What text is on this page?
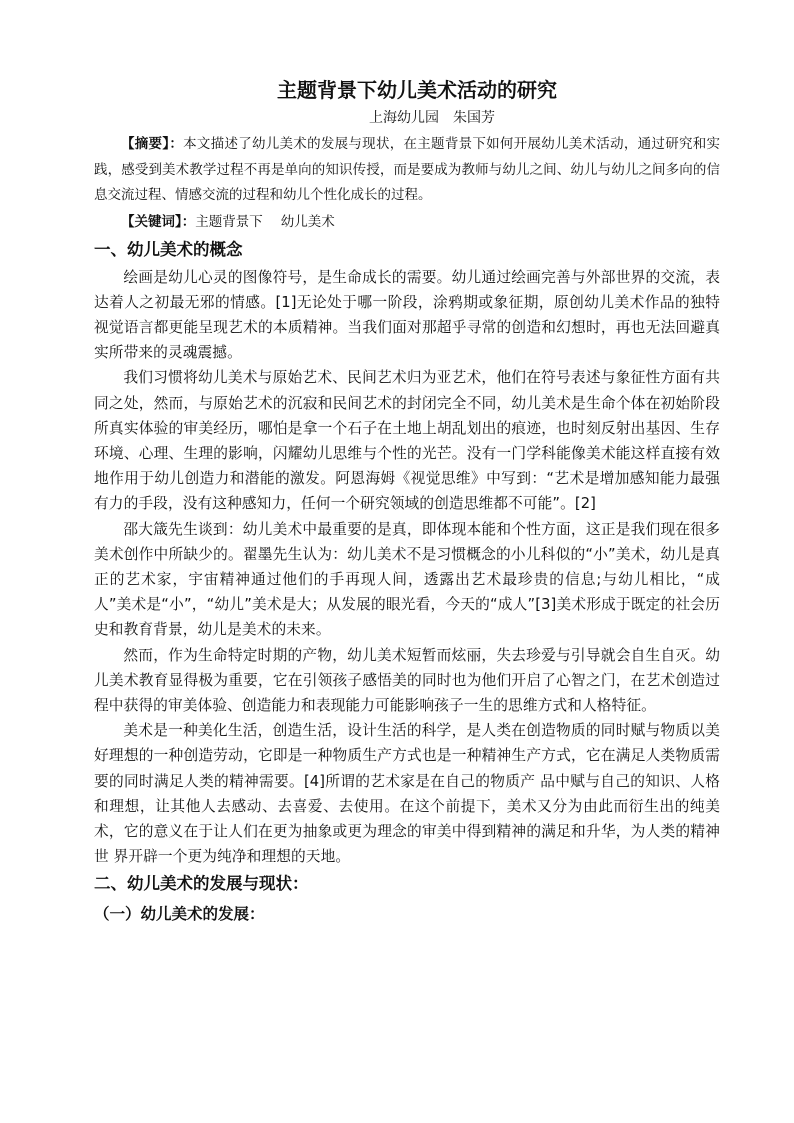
主题背景下幼儿美术活动的研究

上海幼儿园　朱国芳

【摘要】：本文描述了幼儿美术的发展与现状，在主题背景下如何开展幼儿美术活动，通过研究和实践，感受到美术教学过程不再是单向的知识传授，而是要成为教师与幼儿之间、幼儿与幼儿之间多向的信息交流过程、情感交流的过程和幼儿个性化成长的过程。

【关键词】：主题背景下 幼儿美术

一、幼儿美术的概念

绘画是幼儿心灵的图像符号，是生命成长的需要。幼儿通过绘画完善与外部世界的交流，表达着人之初最无邪的情感。[1]无论处于哪一阶段，涂鸦期或象征期，原创幼儿美术作品的独特视觉语言都更能呈现艺术的本质精神。当我们面对那超乎寻常的创造和幻想时，再也无法回避真实所带来的灵魂震撼。

我们习惯将幼儿美术与原始艺术、民间艺术归为亚艺术，他们在符号表述与象征性方面有共同之处，然而，与原始艺术的沉寂和民间艺术的封闭完全不同，幼儿美术是生命个体在初始阶段所真实体验的审美经历，哪怕是拿一个石子在土地上胡乱划出的痕迹，也时刻反射出基因、生存环境、心理、生理的影响，闪耀幼儿思维与个性的光芒。没有一门学科能像美术能这样直接有效地作用于幼儿创造力和潜能的激发。阿恩海姆《视觉思维》中写到：“艺术是增加感知能力最强有力的手段，没有这种感知力，任何一个研究领域的创造思维都不可能”。[2]

邵大箴先生谈到：幼儿美术中最重要的是真，即体现本能和个性方面，这正是我们现在很多美术创作中所缺少的。翟墨先生认为：幼儿美术不是习惯概念的小儿科似的“小”美术，幼儿是真正的艺术家，宇宙精神通过他们的手再现人间，透露出艺术最珍贵的信息;与幼儿相比，“成人”美术是“小”，“幼儿”美术是大；从发展的眼光看，今天的“成人”[3]美术形成于既定的社会历史和教育背景，幼儿是美术的未来。

然而，作为生命特定时期的产物，幼儿美术短暂而炫丽，失去珍爱与引导就会自生自灭。幼儿美术教育显得极为重要，它在引领孩子感悟美的同时也为他们开启了心智之门，在艺术创造过程中获得的审美体验、创造能力和表现能力可能影响孩子一生的思维方式和人格特征。

美术是一种美化生活，创造生活，设计生活的科学，是人类在创造物质的同时赋与物质以美好理想的一种创造劳动，它即是一种物质生产方式也是一种精神生产方式，它在满足人类物质需要的同时满足人类的精神需要。[4]所谓的艺术家是在自己的物质产 品中赋与自己的知识、人格和理想，让其他人去感动、去喜爱、去使用。在这个前提下，美术又分为由此而衍生出的纯美术，它的意义在于让人们在更为抽象或更为理念的审美中得到精神的满足和升华，为人类的精神世 界开辟一个更为纯净和理想的天地。

二、幼儿美术的发展与现状：
（一）幼儿美术的发展：
